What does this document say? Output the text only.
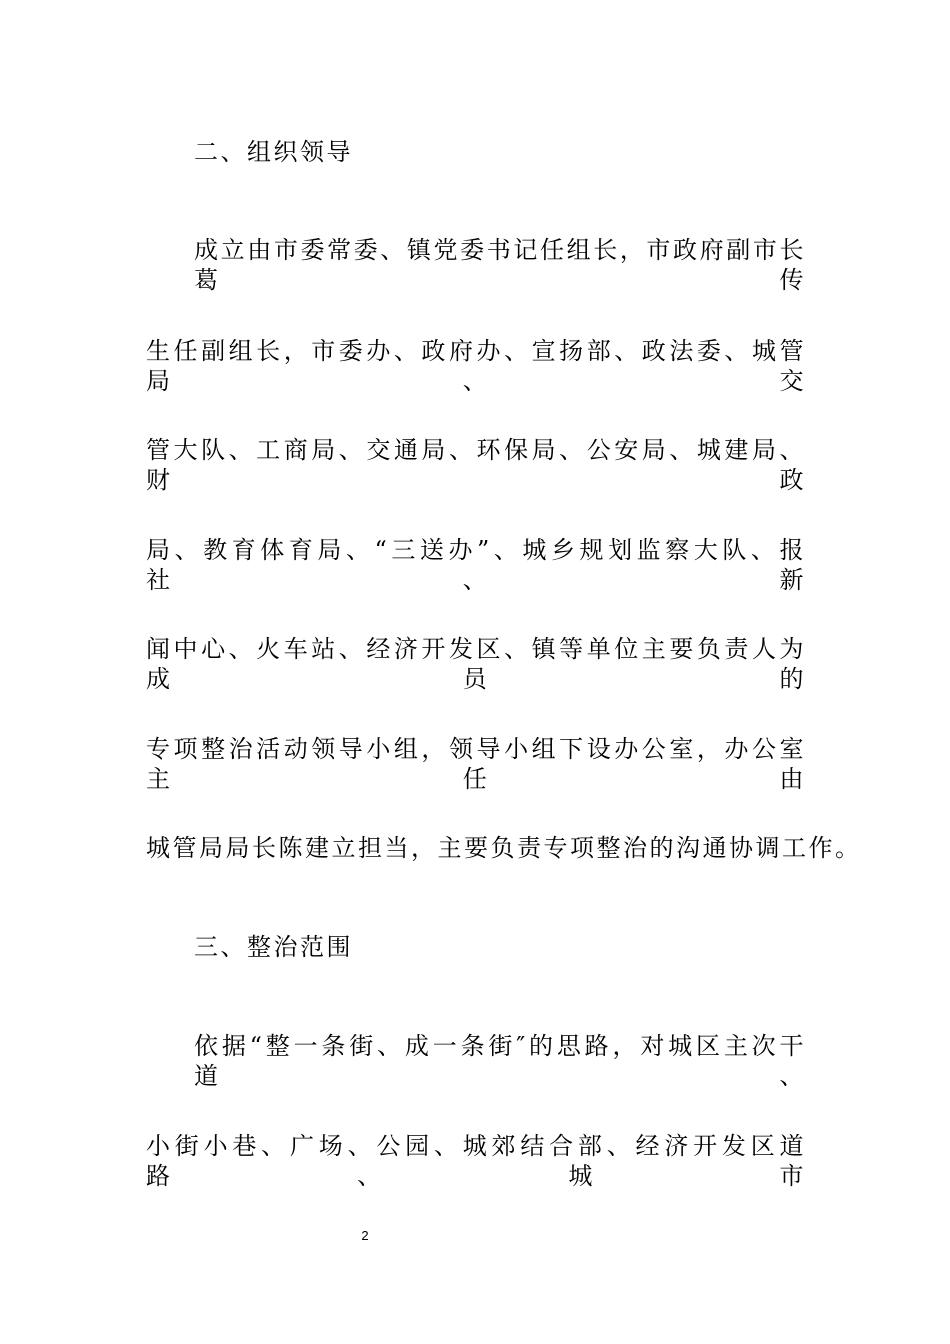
二、组织领导
成立由市委常委、镇党委书记任组长，市政府副市长葛传
生任副组长，市委办、政府办、宣扬部、政法委、城管局、交
管大队、工商局、交通局、环保局、公安局、城建局、财政
局、教育体育局、“三送办”、城乡规划监察大队、报社、新
闻中心、火车站、经济开发区、镇等单位主要负责人为成员的
专项整治活动领导小组，领导小组下设办公室，办公室主任由
城管局局长陈建立担当，主要负责专项整治的沟通协调工作。
三、整治范围
依据“整一条街、成一条街″的思路，对城区主次干道、
小街小巷、广场、公园、城郊结合部、经济开发区道路、城市
2
